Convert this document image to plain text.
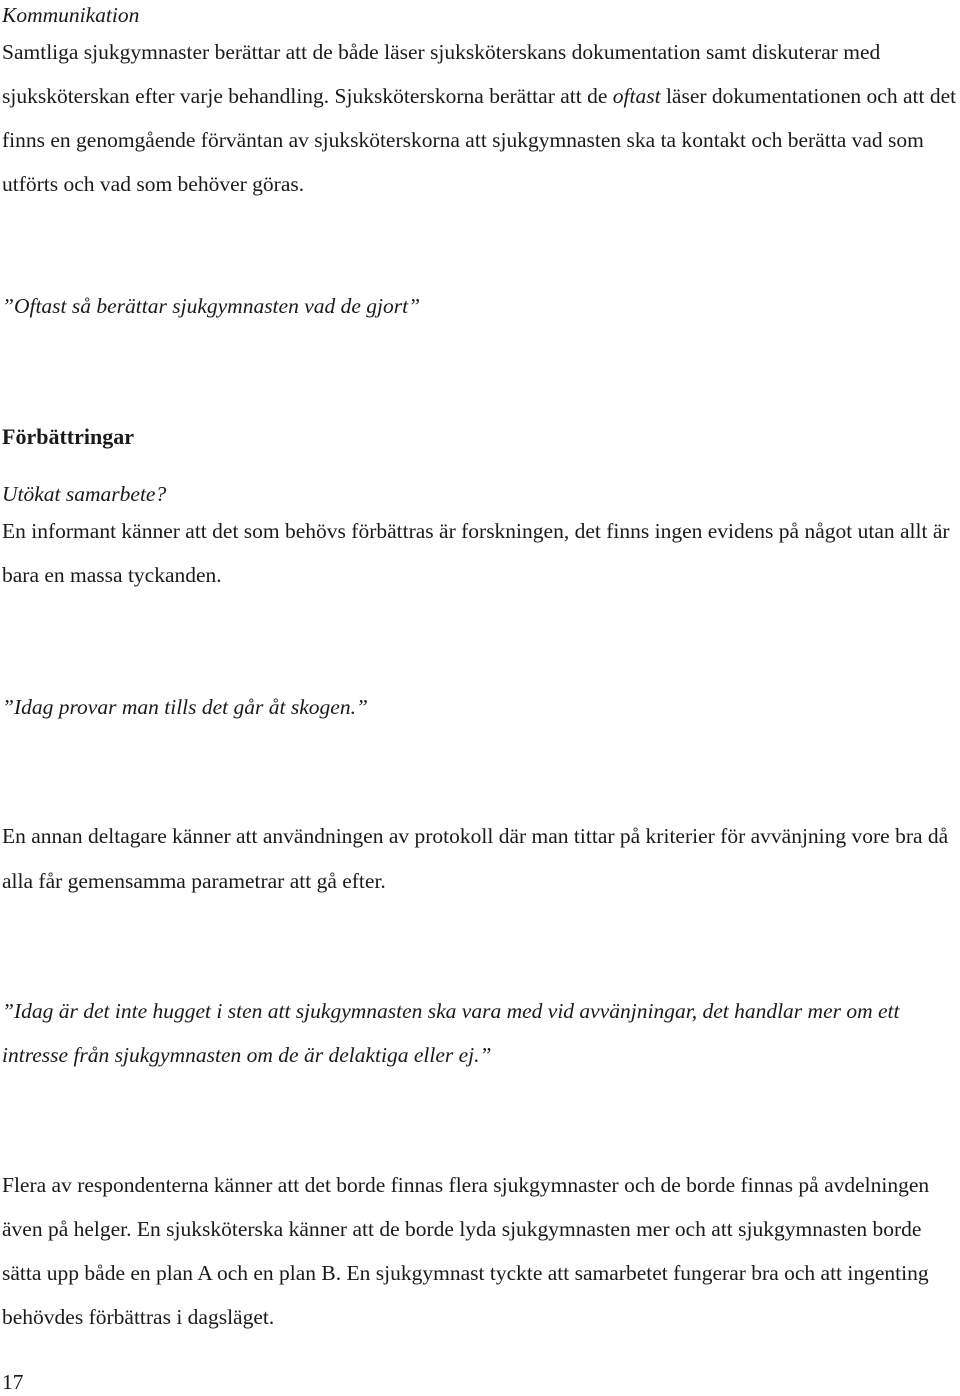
Kommunikation

Samtliga sjukgymnaster berättar att de både läser sjuksköterskans dokumentation samt diskuterar med sjuksköterskan efter varje behandling. Sjuksköterskorna berättar att de oftast läser dokumentationen och att det finns en genomgående förväntan av sjuksköterskorna att sjukgymnasten ska ta kontakt och berätta vad som utförts och vad som behöver göras.

”Oftast så berättar sjukgymnasten vad de gjort”

Förbättringar

Utökat samarbete?

En informant känner att det som behövs förbättras är forskningen, det finns ingen evidens på något utan allt är bara en massa tyckanden.

”Idag provar man tills det går åt skogen.”

En annan deltagare känner att användningen av protokoll där man tittar på kriterier för avvänjning vore bra då alla får gemensamma parametrar att gå efter.

”Idag är det inte hugget i sten att sjukgymnasten ska vara med vid avvänjningar, det handlar mer om ett intresse från sjukgymnasten om de är delaktiga eller ej.”

Flera av respondenterna känner att det borde finnas flera sjukgymnaster och de borde finnas på avdelningen även på helger. En sjuksköterska känner att de borde lyda sjukgymnasten mer och att sjukgymnasten borde sätta upp både en plan A och en plan B. En sjukgymnast tyckte att samarbetet fungerar bra och att ingenting behövdes förbättras i dagsläget.

17
